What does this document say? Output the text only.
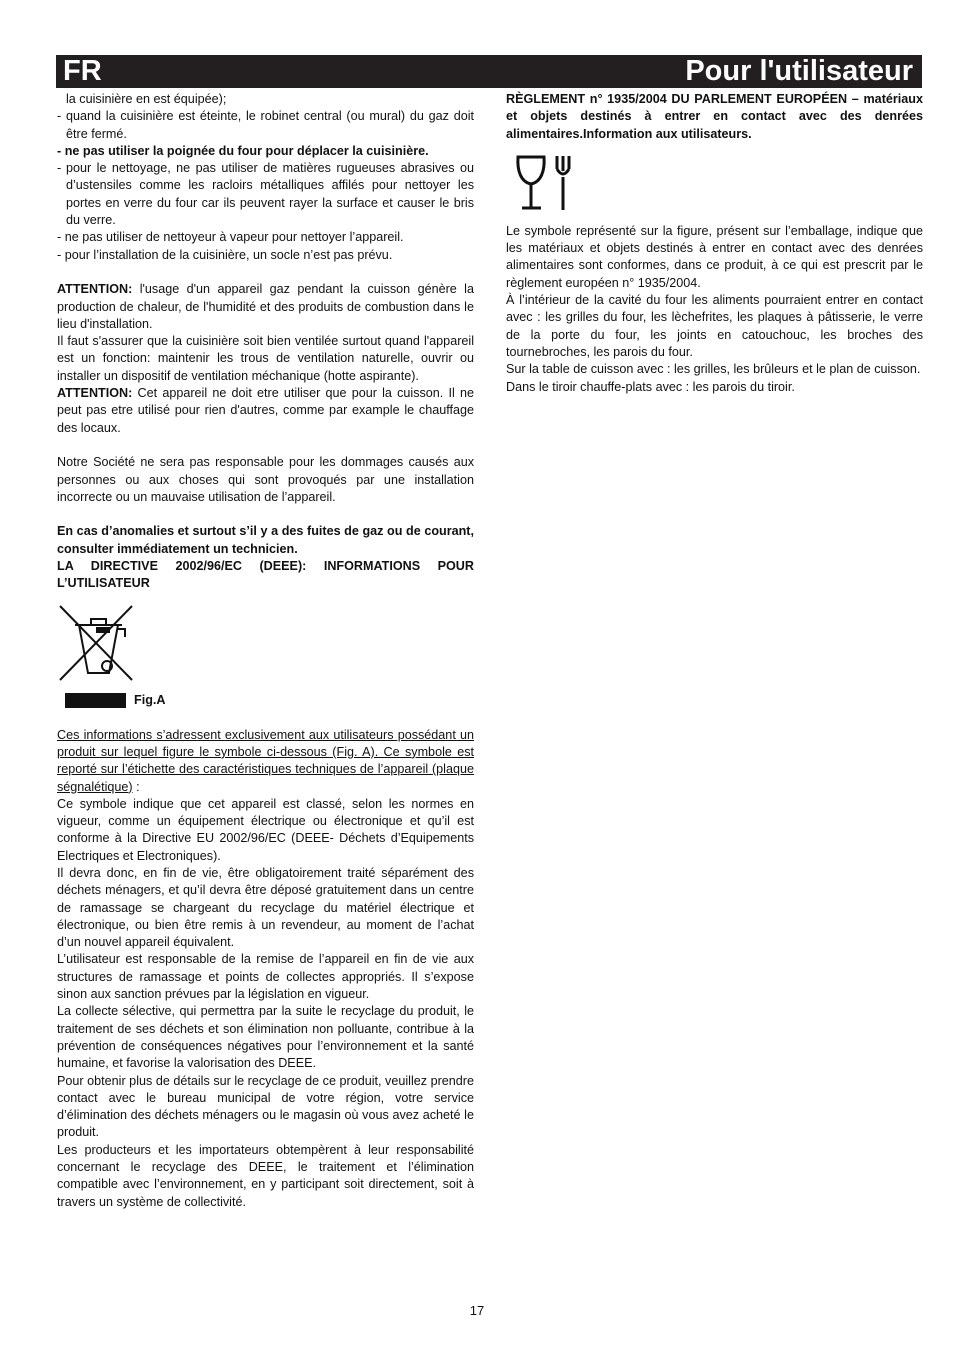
FR	Pour l'utilisateur

la cuisinière en est équipée);

- quand la cuisinière est éteinte, le robinet central (ou mural) du gaz doit être fermé.

- ne pas utiliser la poignée du four pour déplacer la cuisinière.

- pour le nettoyage, ne pas utiliser de matières rugueuses abrasives ou d’ustensiles comme les racloirs métalliques affilés pour nettoyer les portes en verre du four car ils peuvent rayer la surface et causer le bris du verre.

- ne pas utiliser de nettoyeur à vapeur pour nettoyer l’appareil.

- pour l’installation de la cuisinière, un socle n’est pas prévu.

ATTENTION: l'usage d'un appareil gaz pendant la cuisson génère la production de chaleur, de l'humidité et des produits de combustion dans le lieu d'installation.

Il faut s'assurer que la cuisinière soit bien ventilée surtout quand l'appareil est un fonction: maintenir les trous de ventilation naturelle, ouvrir ou installer un dispositif de ventilation méchanique (hotte aspirante).

ATTENTION: Cet appareil ne doit etre utiliser que pour la cuisson. Il ne peut pas etre utilisé pour rien d'autres, comme par example le chauffage des locaux.

Notre Société ne sera pas responsable pour les dommages causés aux personnes ou aux choses qui sont provoqués par une installation incorrecte ou un mauvaise utilisation de l’appareil.

En cas d’anomalies et surtout s’il y a des fuites de gaz ou de courant, consulter immédiatement un technicien.

LA DIRECTIVE 2002/96/EC (DEEE): INFORMATIONS POUR L’UTILISATEUR

Fig.A

Ces informations s’adressent exclusivement aux utilisateurs possédant un produit sur lequel figure le symbole ci-dessous (Fig. A). Ce symbole est reporté sur l’étichette des caractéristiques techniques de l’appareil (plaque ségnalétique) :

Ce symbole indique que cet appareil est classé, selon les normes en vigueur, comme un équipement électrique ou électronique et qu’il est conforme à la Directive EU 2002/96/EC (DEEE- Déchets d’Equipements Electriques et Electroniques).

Il devra donc, en fin de vie, être obligatoirement traité séparément des déchets ménagers, et qu’il devra être déposé gratuitement dans un centre de ramassage se chargeant du recyclage du matériel électrique et électronique, ou bien être remis à un revendeur, au moment de l’achat d’un nouvel appareil équivalent.

L’utilisateur est responsable de la remise de l’appareil en fin de vie aux structures de ramassage et points de collectes appropriés. Il s’expose sinon aux sanction prévues par la législation en vigueur.

La collecte sélective, qui permettra par la suite le recyclage du produit, le traitement de ses déchets et son élimination non polluante, contribue à la prévention de conséquences négatives pour l’environnement et la santé humaine, et favorise la valorisation des DEEE.

Pour obtenir plus de détails sur le recyclage de ce produit, veuillez prendre contact avec le bureau municipal de votre région, votre service d’élimination des déchets ménagers ou le magasin où vous avez acheté le produit.

Les producteurs et les importateurs obtempèrent à leur responsabilité concernant le recyclage des DEEE, le traitement et l’élimination compatible avec l’environnement, en y participant soit directement, soit à travers un système de collectivité.

RÈGLEMENT n° 1935/2004 DU PARLEMENT EUROPÉEN – matériaux et objets destinés à entrer en contact avec des denrées alimentaires.Information aux utilisateurs.

Le symbole représenté sur la figure, présent sur l’emballage, indique que les matériaux et objets destinés à entrer en contact avec des denrées alimentaires sont conformes, dans ce produit, à ce qui est prescrit par le règlement européen n° 1935/2004.

À l’intérieur de la cavité du four les aliments pourraient entrer en contact avec : les grilles du four, les lèchefrites, les plaques à pâtisserie, le verre de la porte du four, les joints en catouchouc, les broches des tournebroches, les parois du four.

Sur la table de cuisson avec : les grilles, les brûleurs et le plan de cuisson.

Dans le tiroir chauffe-plats avec : les parois du tiroir.

17
